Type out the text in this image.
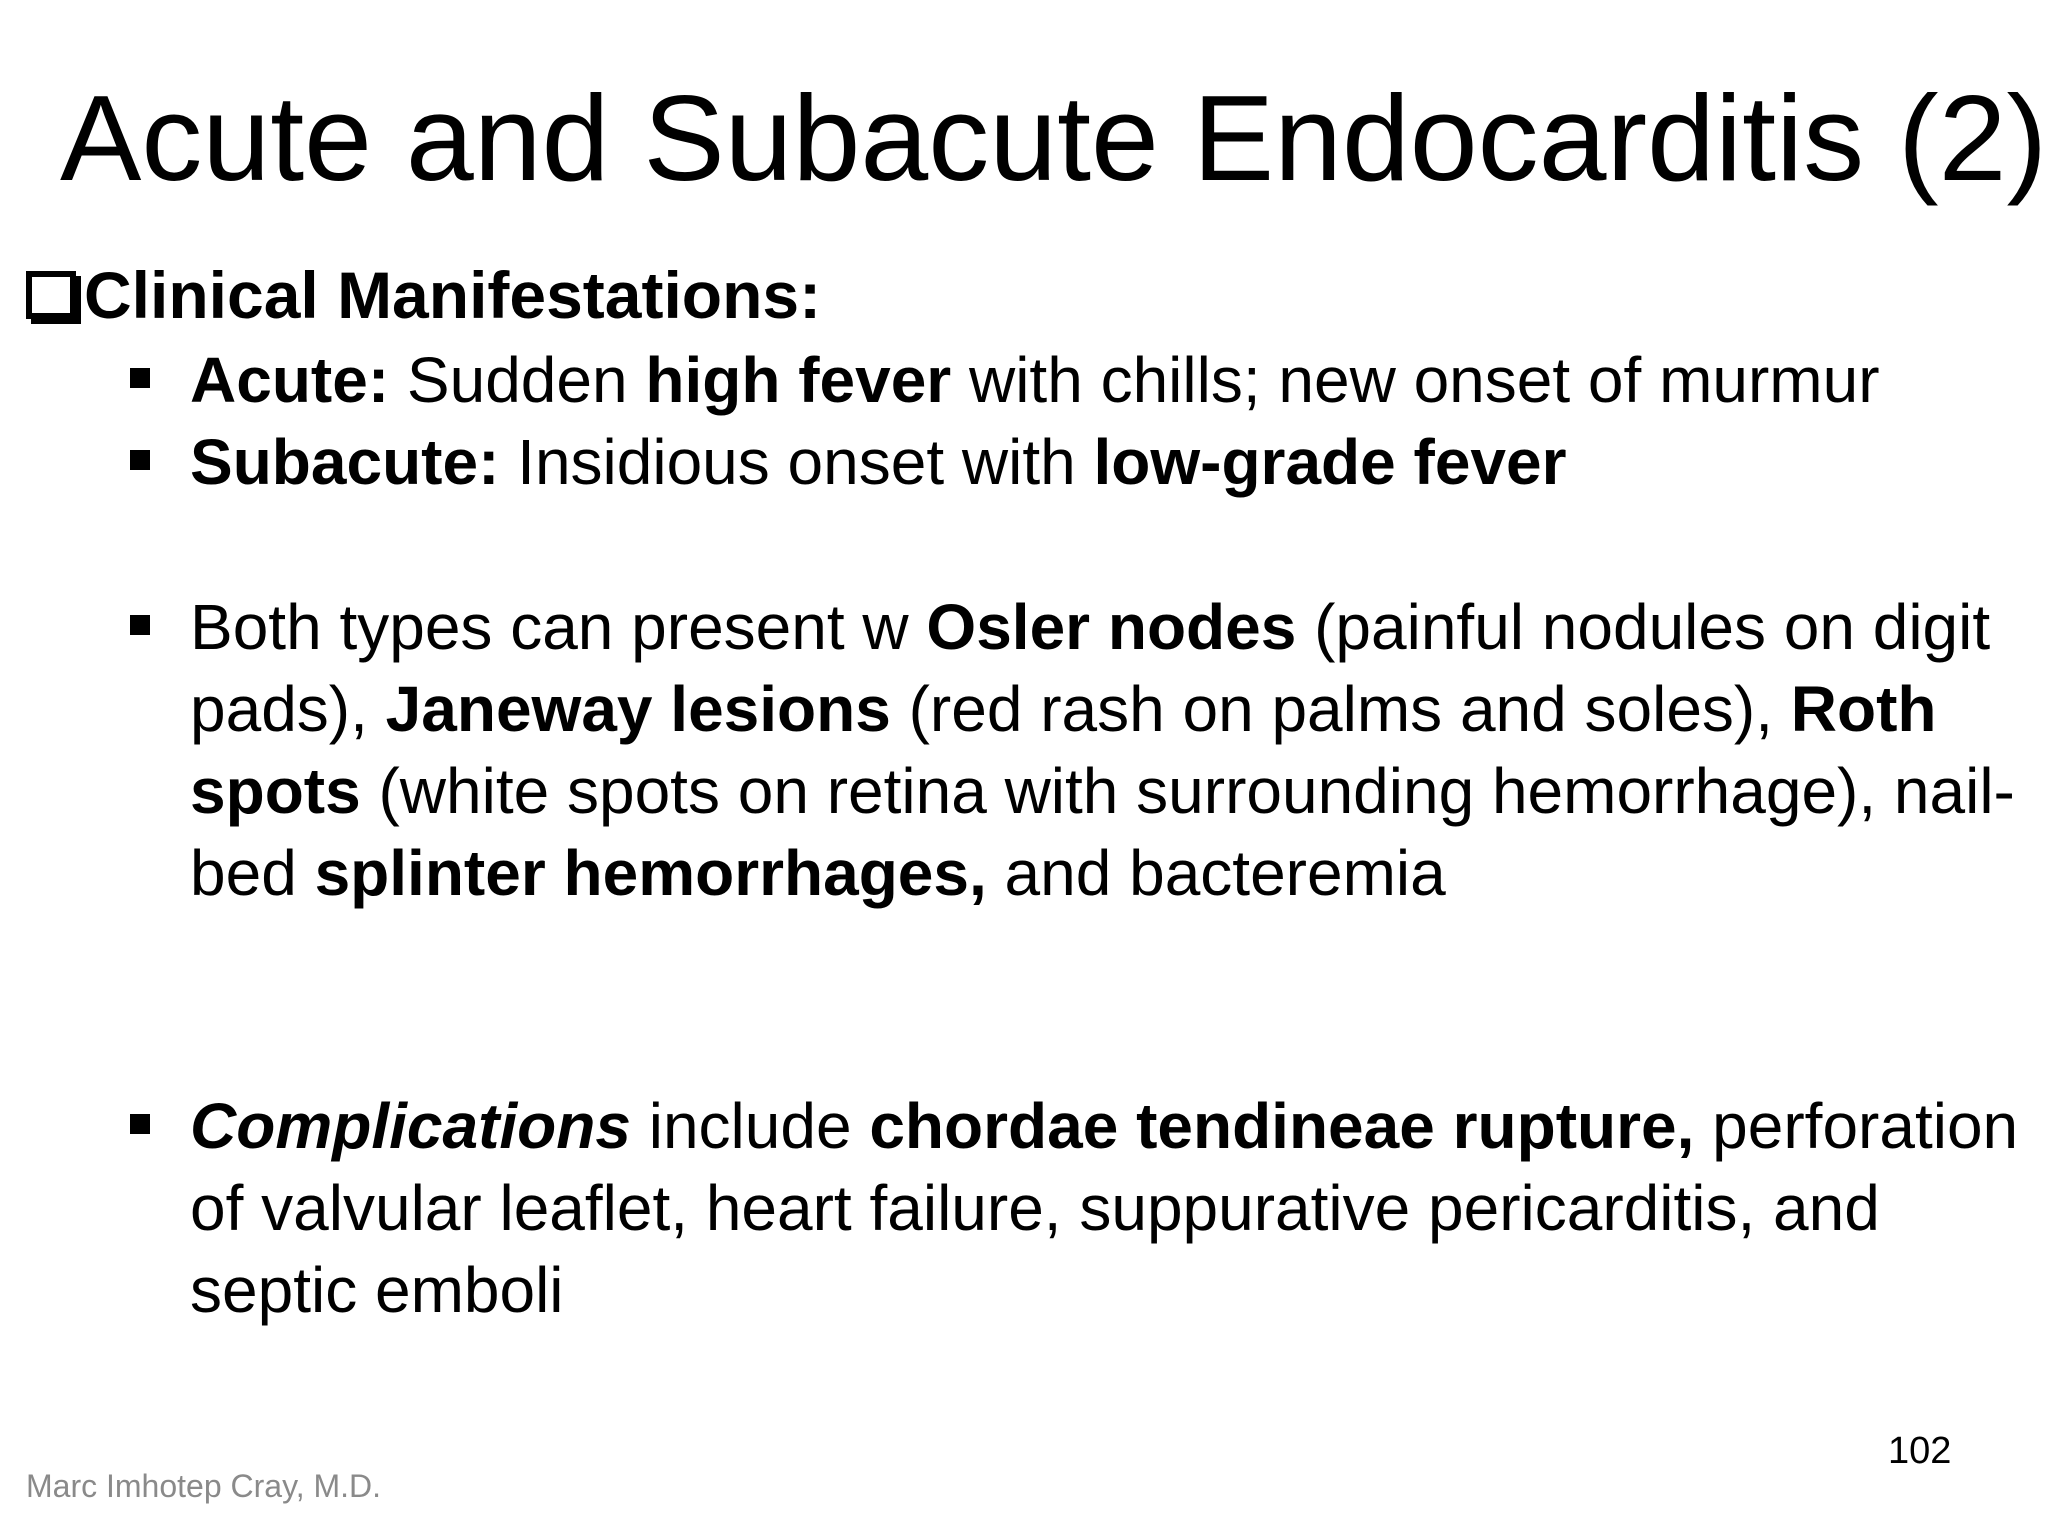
Acute and Subacute Endocarditis (2)
Clinical Manifestations:
Acute: Sudden high fever with chills; new onset of murmur
Subacute: Insidious onset with low-grade fever
Both types can present w Osler nodes (painful nodules on digit pads), Janeway lesions (red rash on palms and soles), Roth spots (white spots on retina with surrounding hemorrhage), nail-bed splinter hemorrhages, and bacteremia
Complications include chordae tendineae rupture, perforation of valvular leaflet, heart failure, suppurative pericarditis, and septic emboli
102
Marc Imhotep Cray, M.D.
